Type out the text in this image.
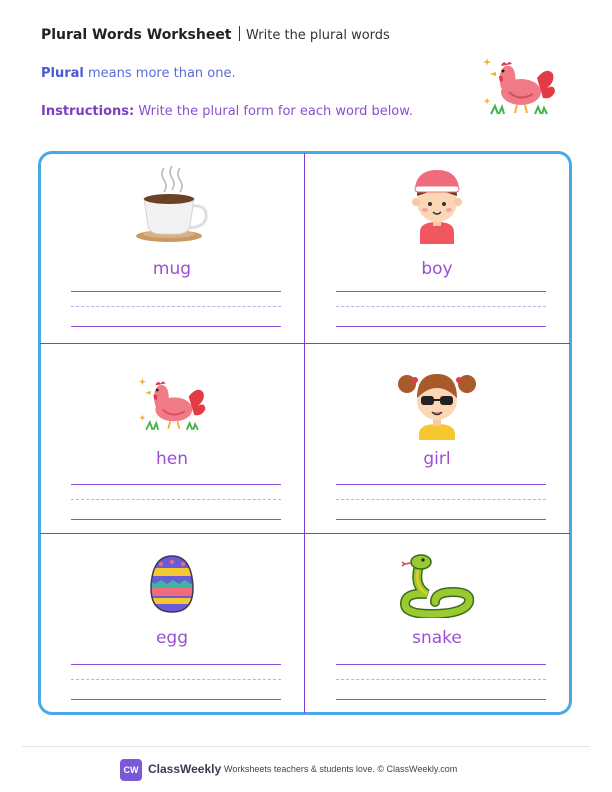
Plural Words Worksheet Write the plural words
Plural means more than one.
Instructions: Write the plural form for each word below.
mug	boy
hen	girl
egg	snake
CW ClassWeekly Worksheets teachers & students love. © ClassWeekly.com
